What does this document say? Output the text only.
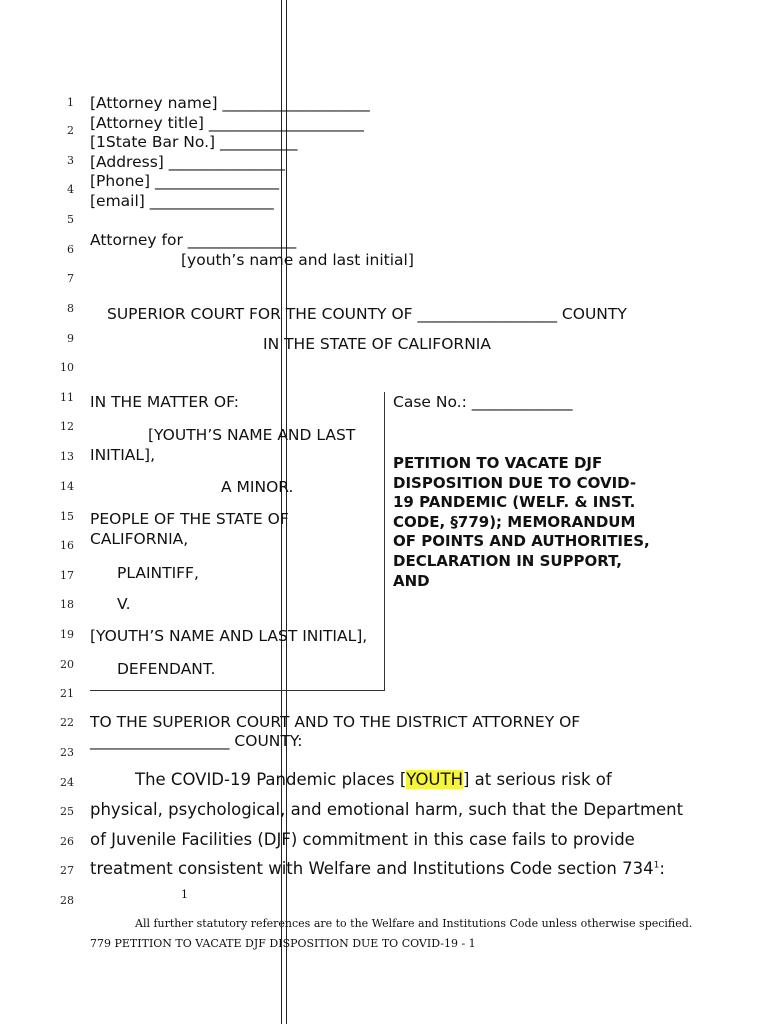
1
2
3
4
5
6
7
8
9
10
11
12
13
14
15
16
17
18
19
20
21
22
23
24
25
26
27
28
[Attorney name] ___________________
[Attorney title] ____________________
[1State Bar No.] __________
[Address] _______________
[Phone] ________________
[email] ________________
Attorney for ______________
[youth’s name and last initial]
SUPERIOR COURT FOR THE COUNTY OF __________________ COUNTY
IN THE STATE OF CALIFORNIA
IN THE MATTER OF:
[YOUTH’S NAME AND LAST
INITIAL],
A MINOR.
PEOPLE OF THE STATE OF
CALIFORNIA,
PLAINTIFF,
V.
[YOUTH’S NAME AND LAST INITIAL],
DEFENDANT.
Case No.: _____________
PETITION TO VACATE DJF
DISPOSITION DUE TO COVID-
19 PANDEMIC (WELF. & INST.
CODE, §779); MEMORANDUM
OF POINTS AND AUTHORITIES,
DECLARATION IN SUPPORT,
AND
TO THE SUPERIOR COURT AND TO THE DISTRICT ATTORNEY OF
__________________ COUNTY:
The COVID-19 Pandemic places [YOUTH] at serious risk of
physical, psychological, and emotional harm, such that the Department
of Juvenile Facilities (DJF) commitment in this case fails to provide
treatment consistent with Welfare and Institutions Code section $734^1$:
1
All further statutory references are to the Welfare and Institutions Code unless otherwise specified.
779 PETITION TO VACATE DJF DISPOSITION DUE TO COVID-19 - 1
